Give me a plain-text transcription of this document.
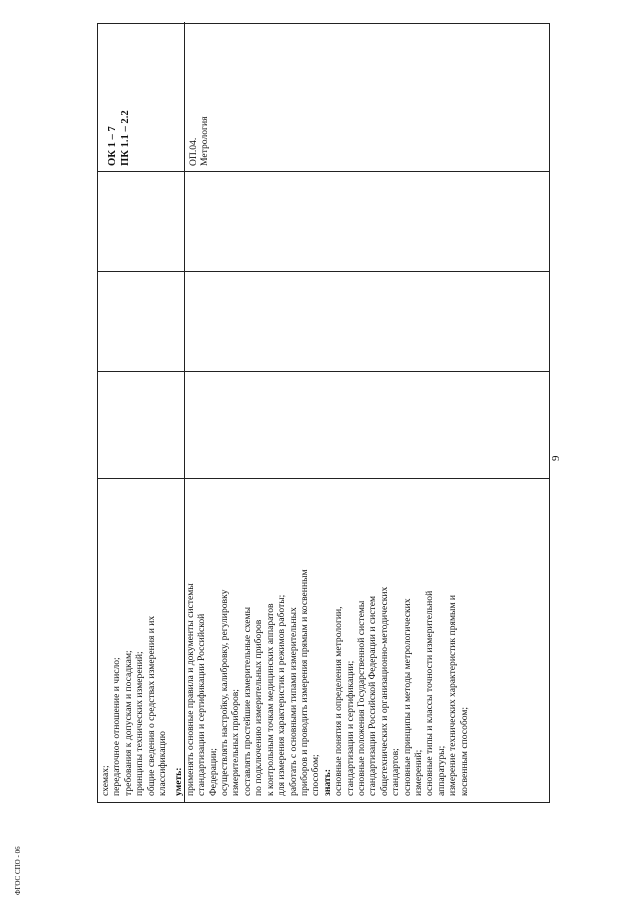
9
ФГОС СПО - 06

схемах; передаточное отношение и число; требования к допускам и посадкам; принципы технических измерений; общие сведения о средствах измерения и их классификацию уметь: применять основные правила и документы системы стандартизации и сертификации Российской Федерации; осуществлять настройку, калибровку, регулировку измерительных приборов; составлять простейшие измерительные схемы по подключению измерительных приборов к контрольным точкам медицинских аппаратов для измерения характеристик и режимов работы; работать с основными типами измерительных приборов и проводить измерения прямым и косвенным способом; знать: основные понятия и определения метрологии, стандартизации и сертификации; основные положения Государственной системы стандартизации Российской Федерации и систем общетехнических и организационно-методических стандартов; основные принципы и методы метрологических измерений; основные типы и классы точности измерительной аппаратуры; измерение технических характеристик прямым и косвенным способом;

ОП.04. Метрология

ОК 1 – 7 ПК 1.1 – 2.2
